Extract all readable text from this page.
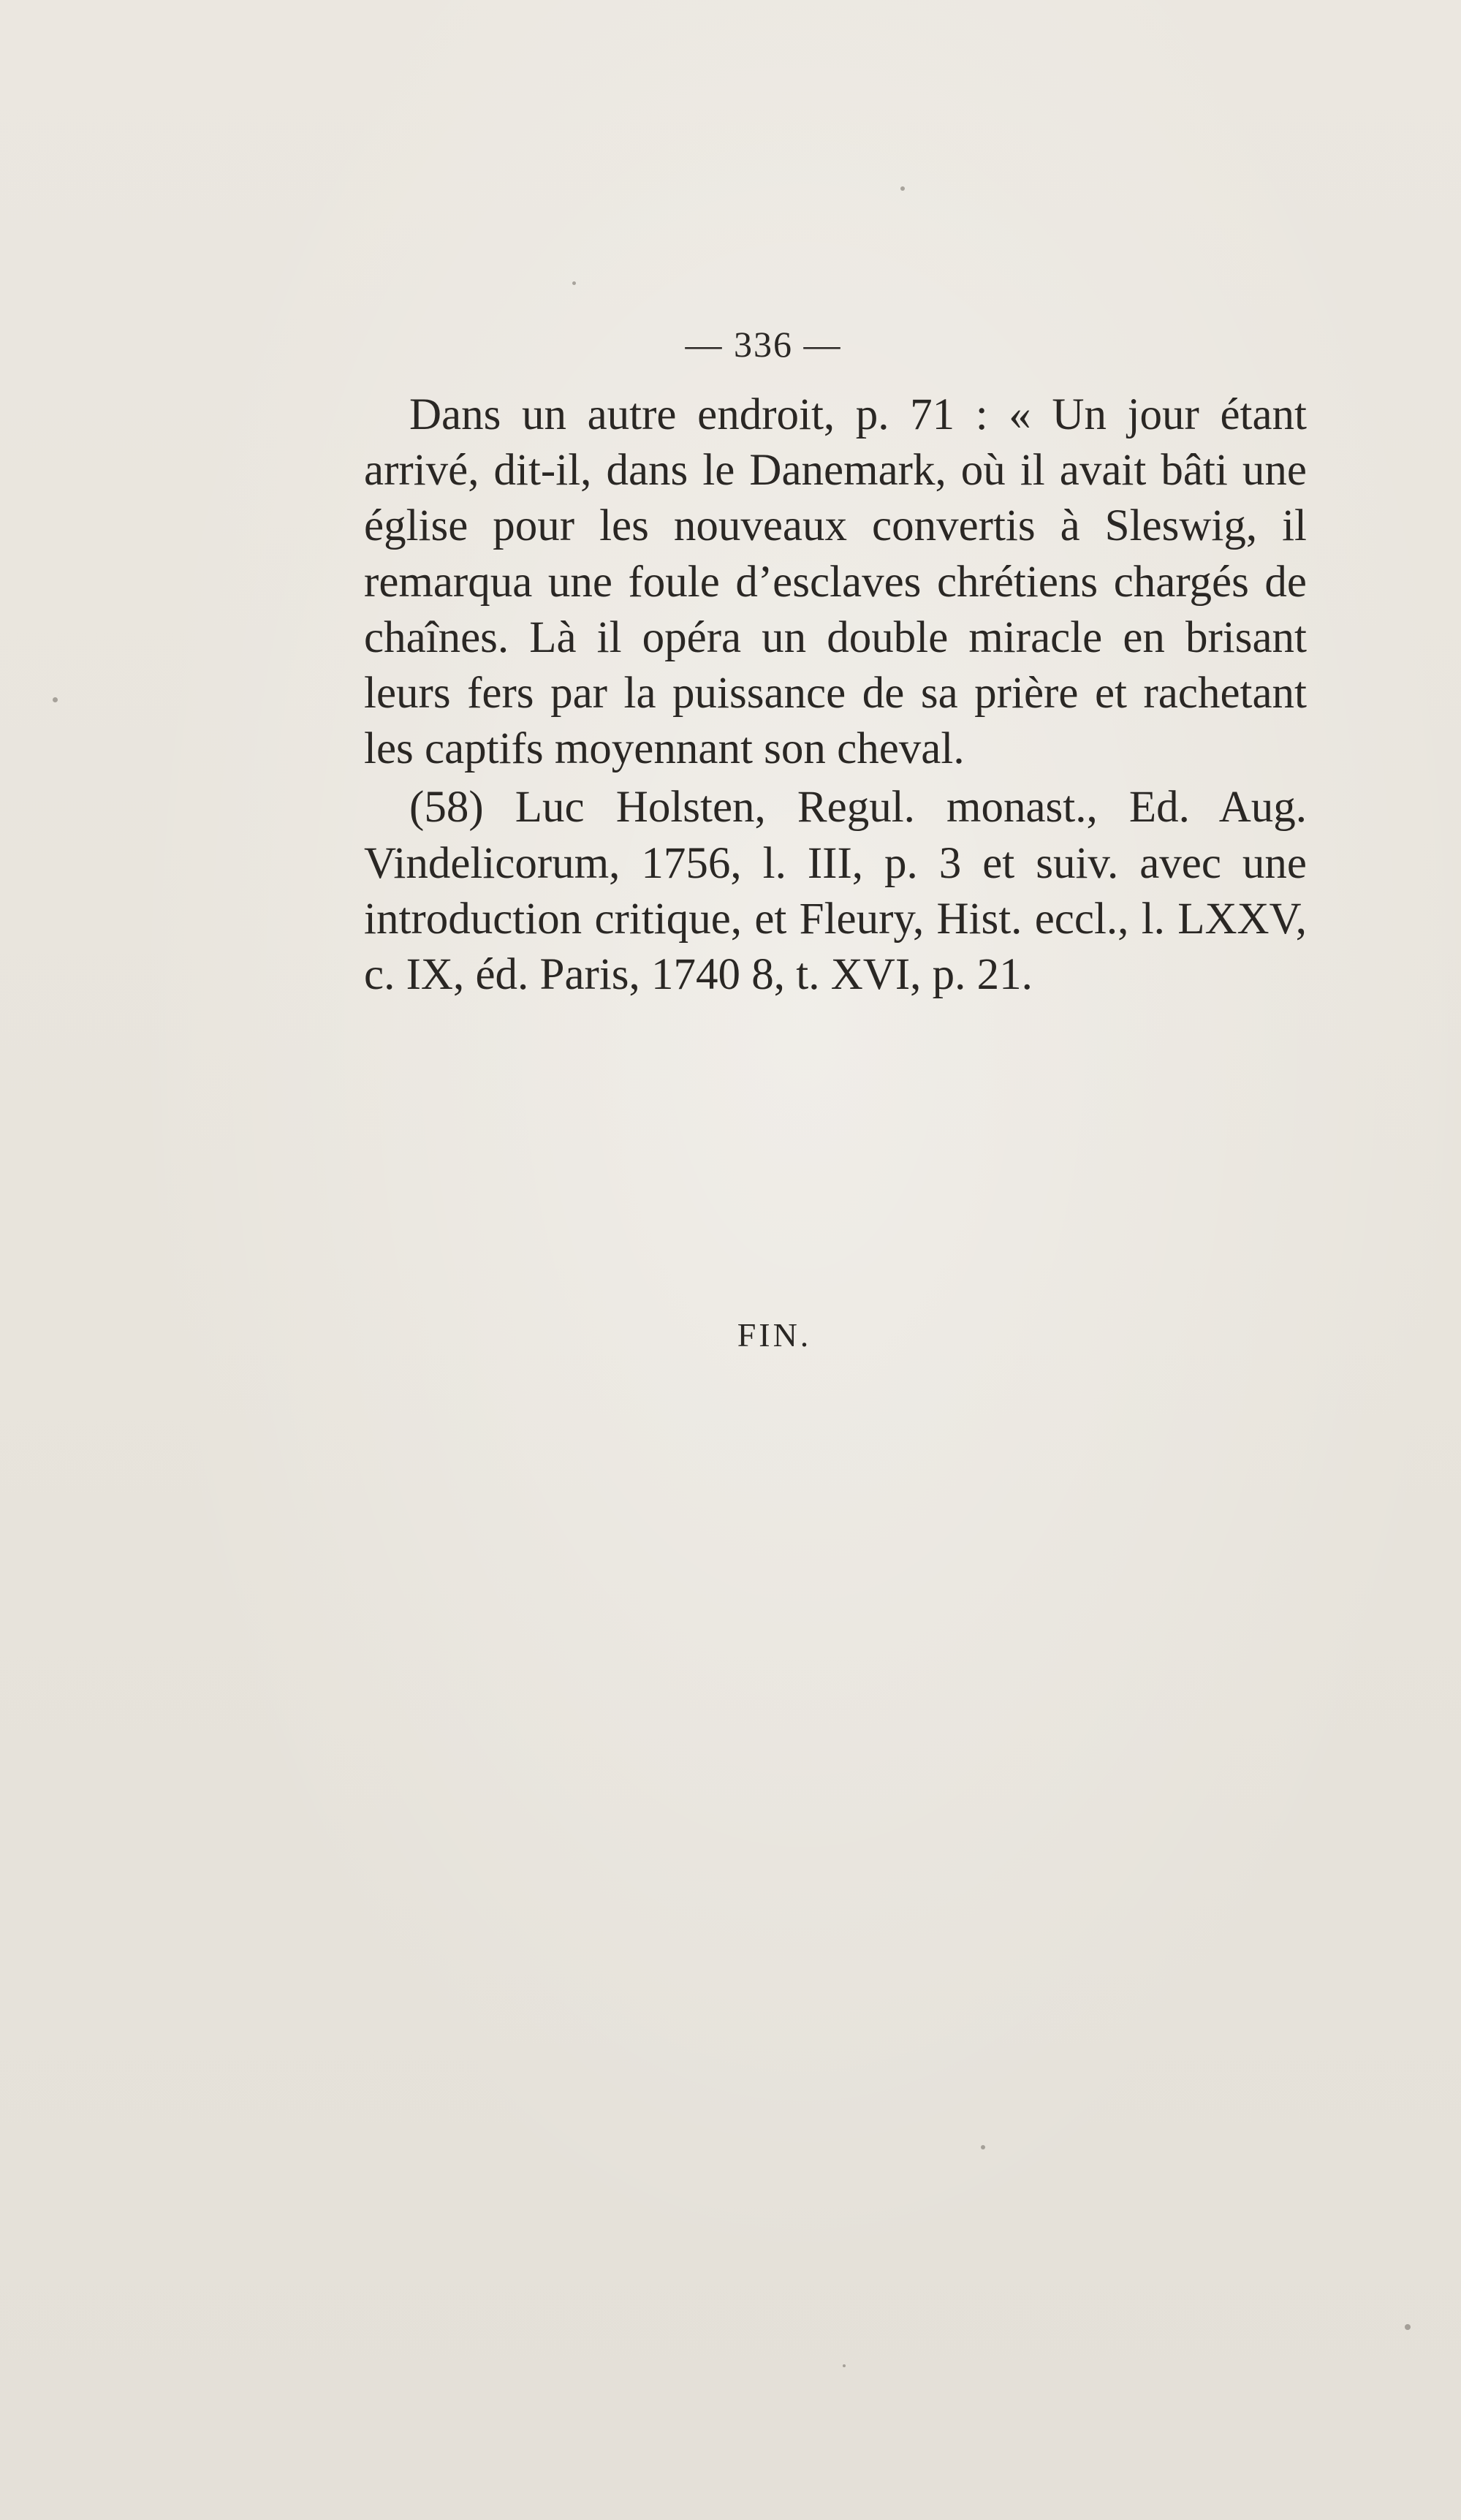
— 336 —

Dans un autre endroit, p. 71 : « Un jour étant arrivé, dit-il, dans le Danemark, où il avait bâti une église pour les nouveaux convertis à Sleswig, il remarqua une foule d’esclaves chrétiens chargés de chaînes. Là il opéra un double miracle en brisant leurs fers par la puissance de sa prière et rachetant les captifs moyennant son cheval.

(58) Luc Holsten, Regul. monast., Ed. Aug. Vindelicorum, 1756, l. III, p. 3 et suiv. avec une introduction critique, et Fleury, Hist. eccl., l. LXXV, c. IX, éd. Paris, 1740 8, t. XVI, p. 21.

FIN.
